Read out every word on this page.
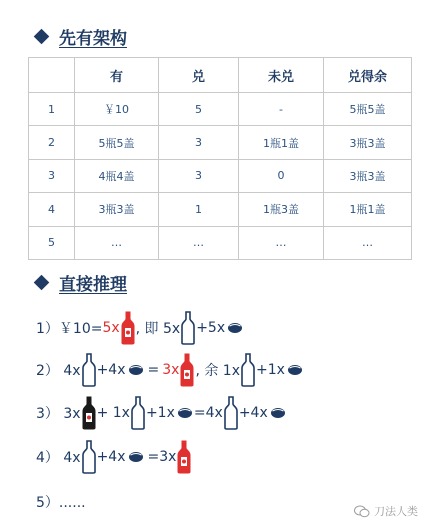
先有架构
	有	兑	未兑	兑得余
1	￥10	5	-	5瓶5盖
2	5瓶5盖	3	1瓶1盖	3瓶3盖
3	4瓶4盖	3	0	3瓶3盖
4	3瓶3盖	1	1瓶3盖	1瓶1盖
5	…	…	…	…
直接推理
1）￥10= 5x , 即 5x +5x
2） 4x +4x = 3x , 余 1x +1x
3） 3x + 1x +1x =4x +4x
4） 4x +4x =3x
5）......
刀法人类
